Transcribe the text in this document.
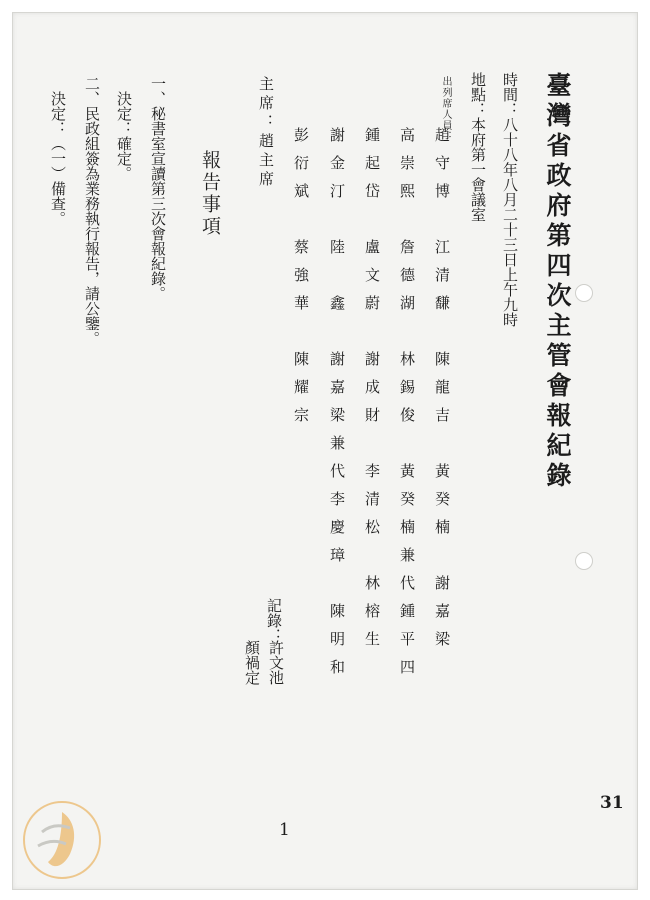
臺灣省政府第四次主管會報紀錄
時間：八十八年八月二十三日上午九時
地點：本府第一會議室
出列席人員：
趙守博　江清馦　陳龍吉　黃癸楠　謝嘉梁
高崇熙　詹德湖　林錫俊　黃癸楠兼代鍾平四
鍾起岱　盧文蔚　謝成財　李清松　林榕生
謝金汀　陸　鑫　謝嘉梁兼代李慶璋　陳明和
彭衍斌　蔡強華　陳耀宗
主席：趙主席
記錄：
許文池
顏禍定
報告事項
一、秘書室宣讀第三次會報紀錄。
決定：確定。
二、民政組簽為業務執行報告，請公鑒。
決定：（一）備查。
1
31
